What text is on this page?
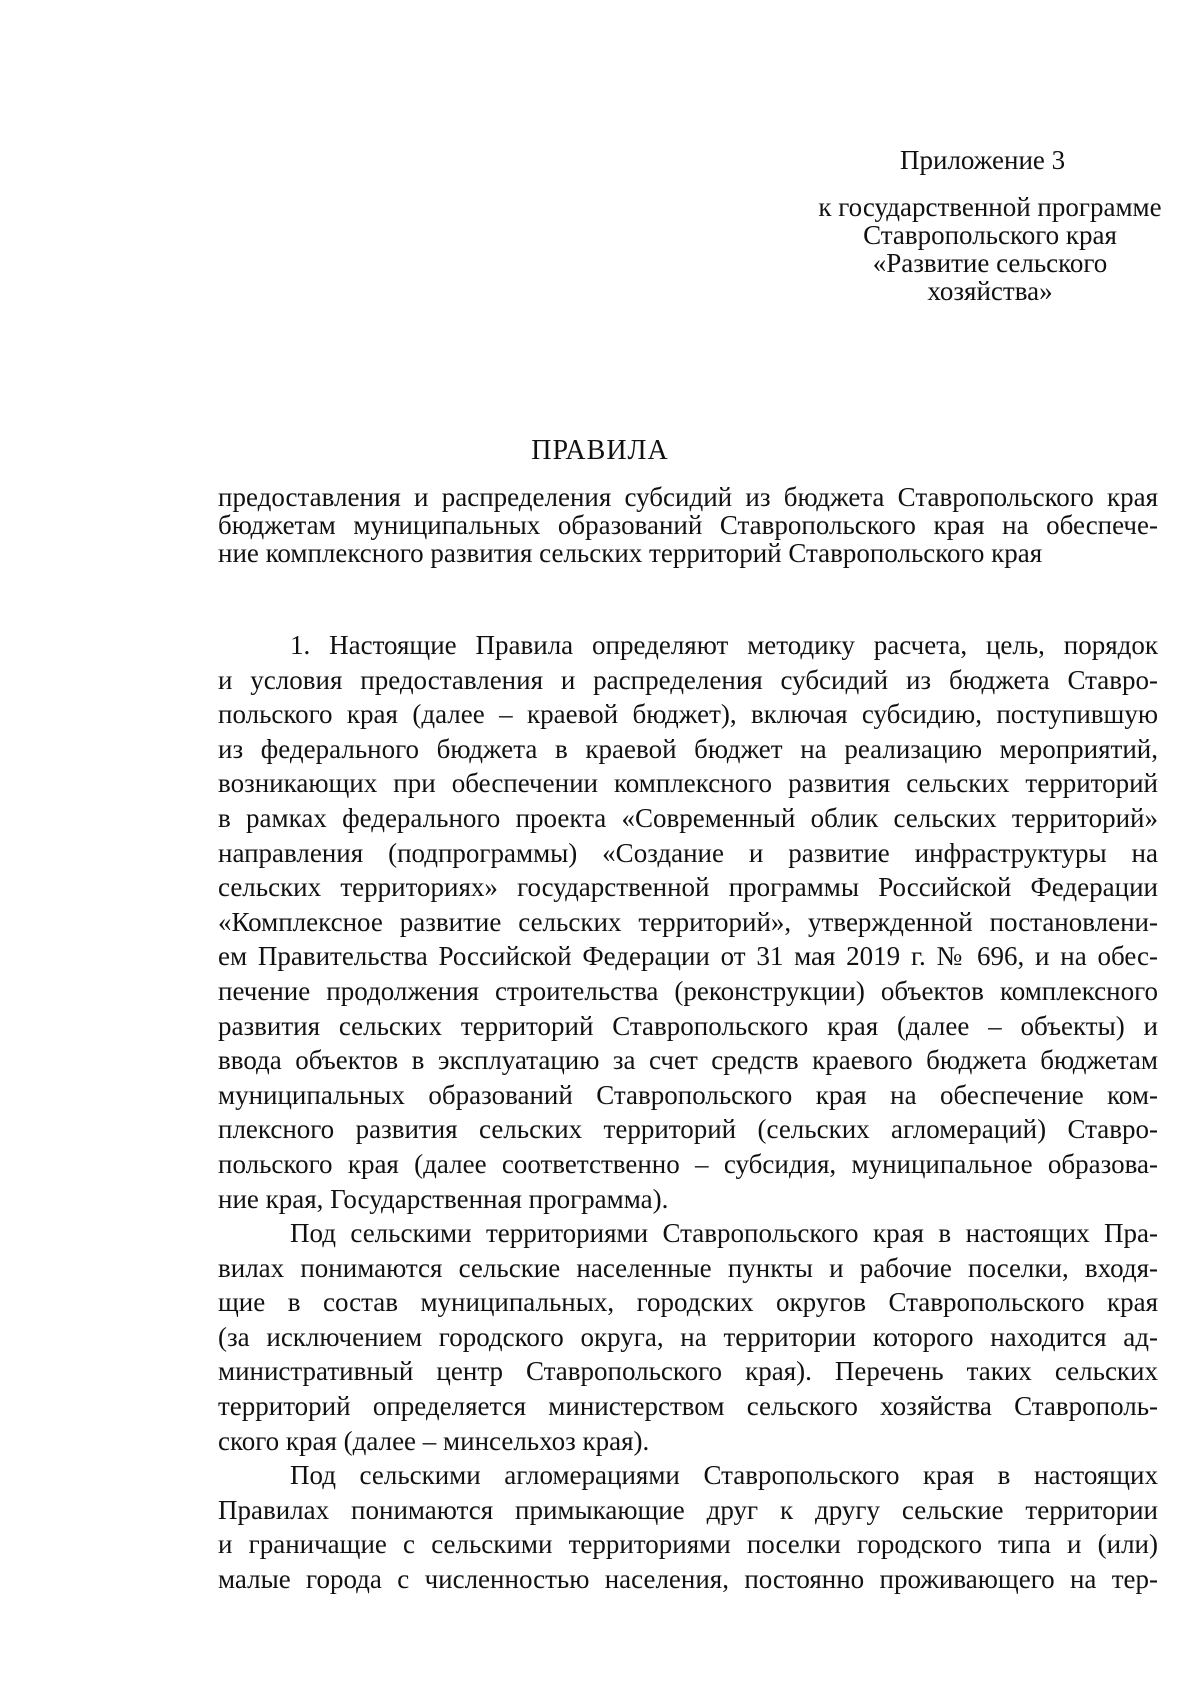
Приложение 3
к государственной программе
Ставропольского края
«Развитие сельского
хозяйства»
ПРАВИЛА
предоставления и распределения субсидий из бюджета Ставропольского края
бюджетам муниципальных образований Ставропольского края на обеспече-
ние комплексного развития сельских территорий Ставропольского края
1. Настоящие Правила определяют методику расчета, цель, порядок
и условия предоставления и распределения субсидий из бюджета Ставро-
польского края (далее – краевой бюджет), включая субсидию, поступившую
из федерального бюджета в краевой бюджет на реализацию мероприятий,
возникающих при обеспечении комплексного развития сельских территорий
в рамках федерального проекта «Современный облик сельских территорий»
направления (подпрограммы) «Создание и развитие инфраструктуры на
сельских территориях» государственной программы Российской Федерации
«Комплексное развитие сельских территорий», утвержденной постановлени-
ем Правительства Российской Федерации от 31 мая 2019 г. № 696, и на обес-
печение продолжения строительства (реконструкции) объектов комплексного
развития сельских территорий Ставропольского края (далее – объекты) и
ввода объектов в эксплуатацию за счет средств краевого бюджета бюджетам
муниципальных образований Ставропольского края на обеспечение ком-
плексного развития сельских территорий (сельских агломераций) Ставро-
польского края (далее соответственно – субсидия, муниципальное образова-
ние края, Государственная программа).
Под сельскими территориями Ставропольского края в настоящих Пра-
вилах понимаются сельские населенные пункты и рабочие поселки, входя-
щие в состав муниципальных, городских округов Ставропольского края
(за исключением городского округа, на территории которого находится ад-
министративный центр Ставропольского края). Перечень таких сельских
территорий определяется министерством сельского хозяйства Ставрополь-
ского края (далее – минсельхоз края).
Под сельскими агломерациями Ставропольского края в настоящих
Правилах понимаются примыкающие друг к другу сельские территории
и граничащие с сельскими территориями поселки городского типа и (или)
малые города с численностью населения, постоянно проживающего на тер-
